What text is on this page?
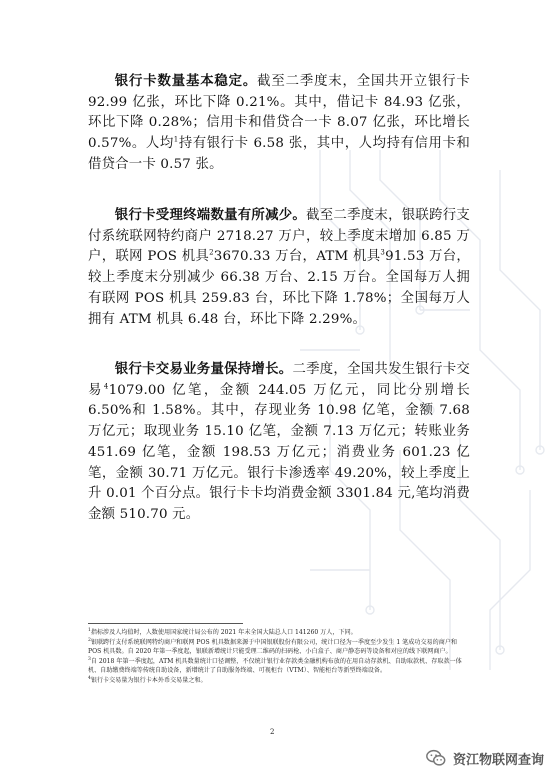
银行卡数量基本稳定。截至二季度末，全国共开立银行卡 92.99 亿张，环比下降 0.21%。其中，借记卡 84.93 亿张，环比下降 0.28%；信用卡和借贷合一卡 8.07 亿张，环比增长 0.57%。人均$^1$持有银行卡 6.58 张，其中，人均持有信用卡和借贷合一卡 0.57 张。

银行卡受理终端数量有所减少。截至二季度末，银联跨行支付系统联网特约商户 2718.27 万户，较上季度末增加 6.85 万户，联网 POS 机具$^2$3670.33 万台，ATM 机具$^3$91.53 万台，较上季度末分别减少 66.38 万台、2.15 万台。全国每万人拥有联网 POS 机具 259.83 台，环比下降 1.78%；全国每万人拥有 ATM 机具 6.48 台，环比下降 2.29%。

银行卡交易业务量保持增长。二季度，全国共发生银行卡交易$^4$1079.00 亿笔，金额 244.05 万亿元，同比分别增长 6.50%和 1.58%。其中，存现业务 10.98 亿笔，金额 7.68 万亿元；取现业务 15.10 亿笔，金额 7.13 万亿元；转账业务 451.69 亿笔，金额 198.53 万亿元；消费业务 601.23 亿笔，金额 30.71 万亿元。银行卡渗透率 49.20%，较上季度上升 0.01 个百分点。银行卡卡均消费金额 3301.84 元,笔均消费金额 510.70 元。

$^1$指标涉及人均值时，人数使用国家统计局公布的 2021 年末全国大陆总人口 141260 万人，下同。

$^2$银联跨行支付系统联网特约商户和联网 POS 机具数据来源于中国银联股份有限公司，统计口径为一季度至少发生 1 笔成功交易的商户和 POS 机具数。自 2020 年第一季度起，银联新增统计只能受理二维码的扫码枪、小白盒子、商户静态码等设备和对应的线下联网商户。

$^3$自 2018 年第一季度起，ATM 机具数量统计口径调整，不仅统计银行业存款类金融机构布放的在用自动存款机、自助取款机、存取款一体机、自助缴费终端等传统自助设备，新增统计了自助服务终端、可视柜台（VTM）、智能柜台等新型终端设备。

$^4$银行卡交易量为银行卡本外币交易量之和。

2
资江物联网查询
